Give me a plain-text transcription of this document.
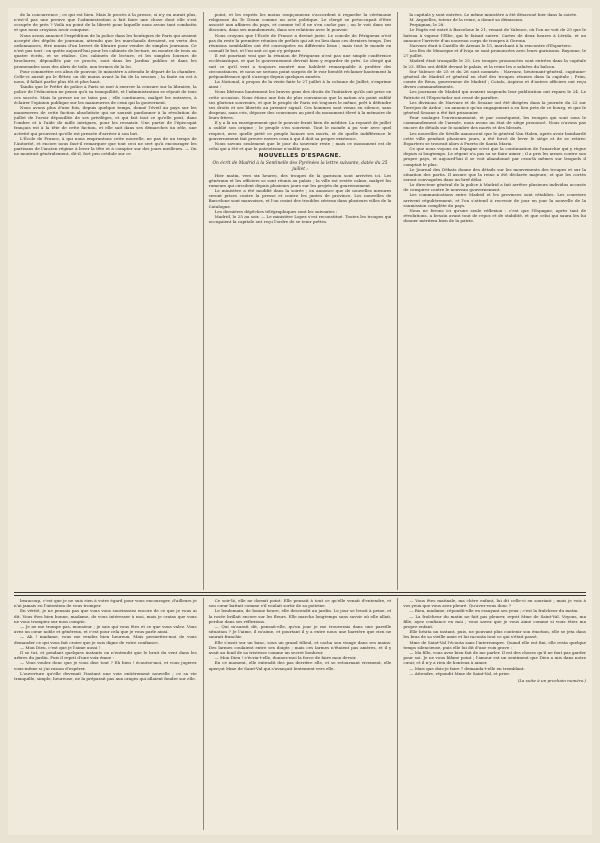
de la concurrence ; ce qui est bien. Mais le procès à la presse, si n'y en aurait plus, n'est-il pas une preuve que l'administration a fait faire une chose dont elle s'est occupée de près ? Voilà un point de la liberté pour laquelle nous avons tant combattu et que nous croyions avoir conquise.

Nous avons annoncé l'expédition de la police dans les boutiques de Paris qui avaient accepté des dépôts de journaux, attendu que les marchands devaient, en vertu des ordonnances, être munis d'un brevet de libraire pour vendre de simples journaux. Ce n'est pas tout : on quitte aujourd'hui pour les cabinets de lecture, en montre de trois ou quatre écrits, et se réalise. Ces cabinets de lecture, et les simples loueurs de brochures, dépouillés par ce procès, sont dans les Jardins publics et dans les promenades sous des abris de toile, aux termes de la loi.

Pour commettre ces abus de pouvoir, le ministère a attendu le départ de la chambre. Celle-ci aurait pu le flétrir, on dit moins avant la fin de la session ; la faute en est à nous, il fallait parler plus tôt et plus haut.

Tandis que le Préfet de police à Paris se met à exercer la censure sur la librairie, la police de l'éducation ne pense qu'à sa tranquillité, et l'administration se réjouit de tous ces succès. Mais la presse ne se taira pas ; elle continuera, malgré les entraves, à éclairer l'opinion publique sur les manœuvres de ceux qui la gouvernent.

Nous avons plus d'une fois, depuis quelque temps, donné l'éveil au pays sur les manœuvres de cette faction absolutiste qui ne saurait pardonner à la révolution de juillet de l'avoir dépouillée de ses privilèges, et qui fait tout ce qu'elle peut, dans l'ombre et à l'aide de mille intrigues, pour les ressaisir. Une partie de l'épiscopat français est à la tête de cette faction, et elle sait dans ses démarches un zèle, une activité qui prouvent qu'elle est pressée d'arriver à son but.

L'École de France, à qui nous empruntons cette nouvelle, ne pas de un temps de l'Autorité, et encore nous faut-il remarquer que tout ceci ne sert qu'à encourager les partisans de l'ancien régime à lever la tête et à compter sur des jours meilleurs. — On ne montrait généralement, dit-il, fort peu crédule sur ce

point, et les esprits les moins soupçonneux s'accordent à regarder la cérémonie religieuse du Te Deum comme un acte politique. Le clergé se préoccupait d'être associé aux affaires du pays, et comme tel il ne s'en cache pas ; on le voit dans ses discours, dans ses mandements, dans ses relations avec le pouvoir.

Nous croyons que l'École de France a deviné juste. Le concile de Périgueux n'est pas du reste la première réunion de prélats qui ait eu lieu dans ces derniers temps. Des réunions semblables ont été convoquées en différents lieux ; mais tout le monde en connaît le but, et l'on sait ce qui s'y prépare.

Il est pourtant vrai que la réunion de Périgueux n'est pas une simple conférence ecclésiastique, et que le gouvernement devrait bien y regarder de près. Le clergé qui sait ce qu'il veut a toujours montré une habileté remarquable à profiter des circonstances, et nous ne serions point surpris de le voir bientôt réclamer hautement la prépondérance qu'il s'arroge depuis quelques années.

La National, à propos de la visite faite le 27 juillet à la colonne de Juillet, s'exprime ainsi :

Nous libérons hautement les braves gens des droits de l'initiative qu'ils ont prise en cette occasion. Nous étions une fois de plus convaincus que la nation n'a point oublié ses glorieux souvenirs, et que le peuple de Paris est toujours le même, prêt à défendre ses droits et ses libertés au premier signal. Ces hommes sont venus en silence, sans drapeau, sans cris, déposer des couronnes au pied du monument élevé à la mémoire de leurs frères.

Il y a là un enseignement que le pouvoir ferait bien de méditer. La royauté de juillet a oublié son origine ; le peuple s'en souvient. Tout le monde a pu voir avec quel respect, avec quelle piété ce peuple honore ses morts, et de quelle indifférence le gouvernement fait preuve envers ceux à qui il doit sa propre existence.

Nous savons seulement que le jour du souvenir reste ; mais ce monument est de celui qui a été et que le patriotisme n'oublie pas.

NOUVELLES D'ESPAGNE.
On écrit de Madrid à la Sentinelle des Pyrénées la lettre suivante, datée du 25 juillet :

Hier matin, vers six heures, des troupes de la garnison sont arrivées ici. Les généraux et les officiers se sont réunis au palais ; la ville est restée calme, malgré les rumeurs qui circulent depuis plusieurs jours sur les projets du gouvernement.

Le ministère a été modifié dans la soirée ; on annonce que de nouvelles mesures seront prises contre la presse et contre les juntes de province. Les nouvelles de Barcelone sont mauvaises, et l'on craint des troubles sérieux dans plusieurs villes de la Catalogne.

Les dernières dépêches télégraphiques sont les suivantes :

Madrid, le 25 au soir. — Le ministère Lopez s'est reconstitué. Toutes les troupes qui occupaient la capitale ont reçu l'ordre de se tenir prêtes.

la capitale y sont entrées. Le même ministère a été désavoué hier dans la soirée.

M. Arguelles, tuteur de la reine, a donné sa démission.

Perpignan, le 28.

Le Pagès est entré à Barcelone le 21, venant de Valence, où l'on ne voit de 25 que le bateau à vapeur l'Elbe, qui le faisait suivre. Cartes de deux heures à Lérida, et on annonce l'arrivée d'un nouveau corps de troupes à Gerona.

Narvaez était à Castillo de Arenas le 15, marchant à la rencontre d'Espartero.

Les îles de Minorque et d'Iviça se sont prononcées avec leurs garnisons. Bayonne, le 27 juillet.

Madrid était tranquille le 25. Les troupes prononcées sont entrées dans la capitale le 23. Elles ont défilé devant le palais, et la reine les a saluées du balcon.

Sur Valence de 25 et du 26 sont nommés : Narvaez, lieutenant-général, capitaine-général de Madrid et général en chef des troupes réunies dans la capitale ; Prim, comte de Reus, gouverneur de Madrid ; Cotalo, Aspiroz et d'autres officiers ont reçu divers commandements.

Les journaux de Madrid qui avaient suspendu leur publication ont reparu le 24. Le Patriote et l'Espectador ont cessé de paraître.

Les divisions de Narvaez et de Seoane ont été dirigées dans la journée du 22 sur Torrejon de Ardoz ; on annonce qu'un engagement a eu lieu près de ce bourg, et que le général Seoane a été fait prisonnier.

Pour soulager l'environnement, et par conséquent, les troupes qui sont sous le commandement de l'armée, nous avons un état de siège prononcé. Nous n'avons pas encore de détails sur le nombre des morts et des blessés.

Les nouvelles de Séville annoncent que le général Van Halen, après avoir bombardé cette ville pendant plusieurs jours, a été forcé de lever le siège et de se retirer. Espartero se trouvait alors à Puerto de Santa Maria.

Ce que nous voyons en Espagne n'est que la continuation de l'anarchie qui y règne depuis si longtemps. Le régent n'a pas su se faire aimer ; il a pris les armes contre son propre pays, et aujourd'hui il se voit abandonné par ceux-là mêmes sur lesquels il comptait le plus.

Le Journal des Débats donne des détails sur les mouvements des troupes et sur la situation des partis. Il assure que la reine a été déclarée majeure, et que les cortès seront convoquées dans un bref délai.

Le directeur général de la police à Madrid a fait arrêter plusieurs individus accusés de conspirer contre le nouveau gouvernement.

Les communications entre Madrid et les provinces sont rétablies. Les courriers arrivent régulièrement, et l'on s'attend à recevoir de jour en jour la nouvelle de la soumission complète du pays.

Nous ne ferons ici qu'une seule réflexion : c'est que l'Espagne, après tant de révolutions, a besoin avant tout de repos et de stabilité, et que celui qui saura les lui donner méritera bien de la patrie.

beaucoup, c'est que je ne suis rien à votre égard pour vous encourager, d'ailleurs je n'ai jamais eu l'intention de vous tromper.

En vérité, je ne pensais pas que vous vous souvinssiez encore de ce que je vous ai dit. Vous êtes bien bonne, madame, de vous intéresser à moi, mais je crains que vous ne vous trompiez sur mon compte.

— Je ne me trompe pas, monsieur ; je sais qui vous êtes et ce que vous valez. Vous avez un cœur noble et généreux, et c'est pour cela que je vous parle ainsi.

— Ah ! madame, vous me rendez bien heureux. Mais permettez-moi de vous demander ce qui vous fait croire que je suis digne de votre confiance.

— Mon Dieu, c'est que je l'aime aussi !

Il se tut, et pendant quelques instants on n'entendit que le bruit du vent dans les arbres du jardin. Puis il reprit d'une voix émue :

— Vous voulez donc que je vous dise tout ? Eh bien ! écoutez-moi, et vous jugerez vous-même si j'ai raison d'espérer.

L'ouverture qu'elle devenait l'instant une voie entièrement nouvelle ; ce sa vie tranquille, simple, heureuse, ne la préparait pas aux orages qui allaient fondre sur elle.

Ce soir-là, elle ne dormit point. Elle pensait à tout ce qu'elle venait d'entendre, et son cœur battait comme s'il voulait sortir de sa poitrine.

Le lendemain, de bonne heure, elle descendit au jardin. Le jour se levait à peine, et la rosée brillait encore sur les fleurs. Elle marcha longtemps sans savoir où elle allait, perdue dans ses réflexions.

— Qui m'aurait dit, pensait-elle, qu'un jour je me trouverais dans une pareille situation ? Je l'aime, il m'aime, et pourtant il y a entre nous une barrière que rien ne saurait franchir.

Elle s'assit sur un banc, sous un grand tilleul, et cacha son visage dans ses mains. Des larmes coulaient entre ses doigts ; mais ces larmes n'étaient pas amères, et il y avait au fond de sa tristesse comme un secret bonheur.

— Mon Dieu ! s'écria-t-elle, donnez-moi la force de faire mon devoir.

En ce moment, elle entendit des pas derrière elle, et se retournant vivement, elle aperçut Mme de Saint-Val qui s'avançait lentement vers elle.

— Vous êtes matinale, ma chère enfant, lui dit celle-ci en souriant ; mais je vois à vos yeux que vous avez pleuré. Qu'avez-vous donc ?

— Rien, madame, répondit-elle en essuyant ses yeux ; c'est la fraîcheur du matin.

— La fraîcheur du matin ne fait pas pleurer, reprit Mme de Saint-Val. Voyons, ma fille, ayez confiance en moi ; vous savez que je vous aime comme si vous étiez ma propre enfant.

Elle hésita un instant, puis, ne pouvant plus contenir son émotion, elle se jeta dans les bras de sa vieille amie et lui raconta tout ce qui s'était passé.

Mme de Saint-Val l'écouta sans l'interrompre. Quand elle eut fini, elle resta quelque temps silencieuse, puis elle lui dit d'une voix grave :

— Ma fille, vous avez bien fait de me parler. Il est des choses qu'il ne faut pas garder pour soi. Je ne vous blâme point ; l'amour est un sentiment que Dieu a mis dans notre cœur, et il n'y a rien de honteux à aimer.

— Mais que dois-je faire ? demanda-t-elle en tremblant.

— Attendre, répondit Mme de Saint-Val, et prier.

(La suite à un prochain numéro.)
